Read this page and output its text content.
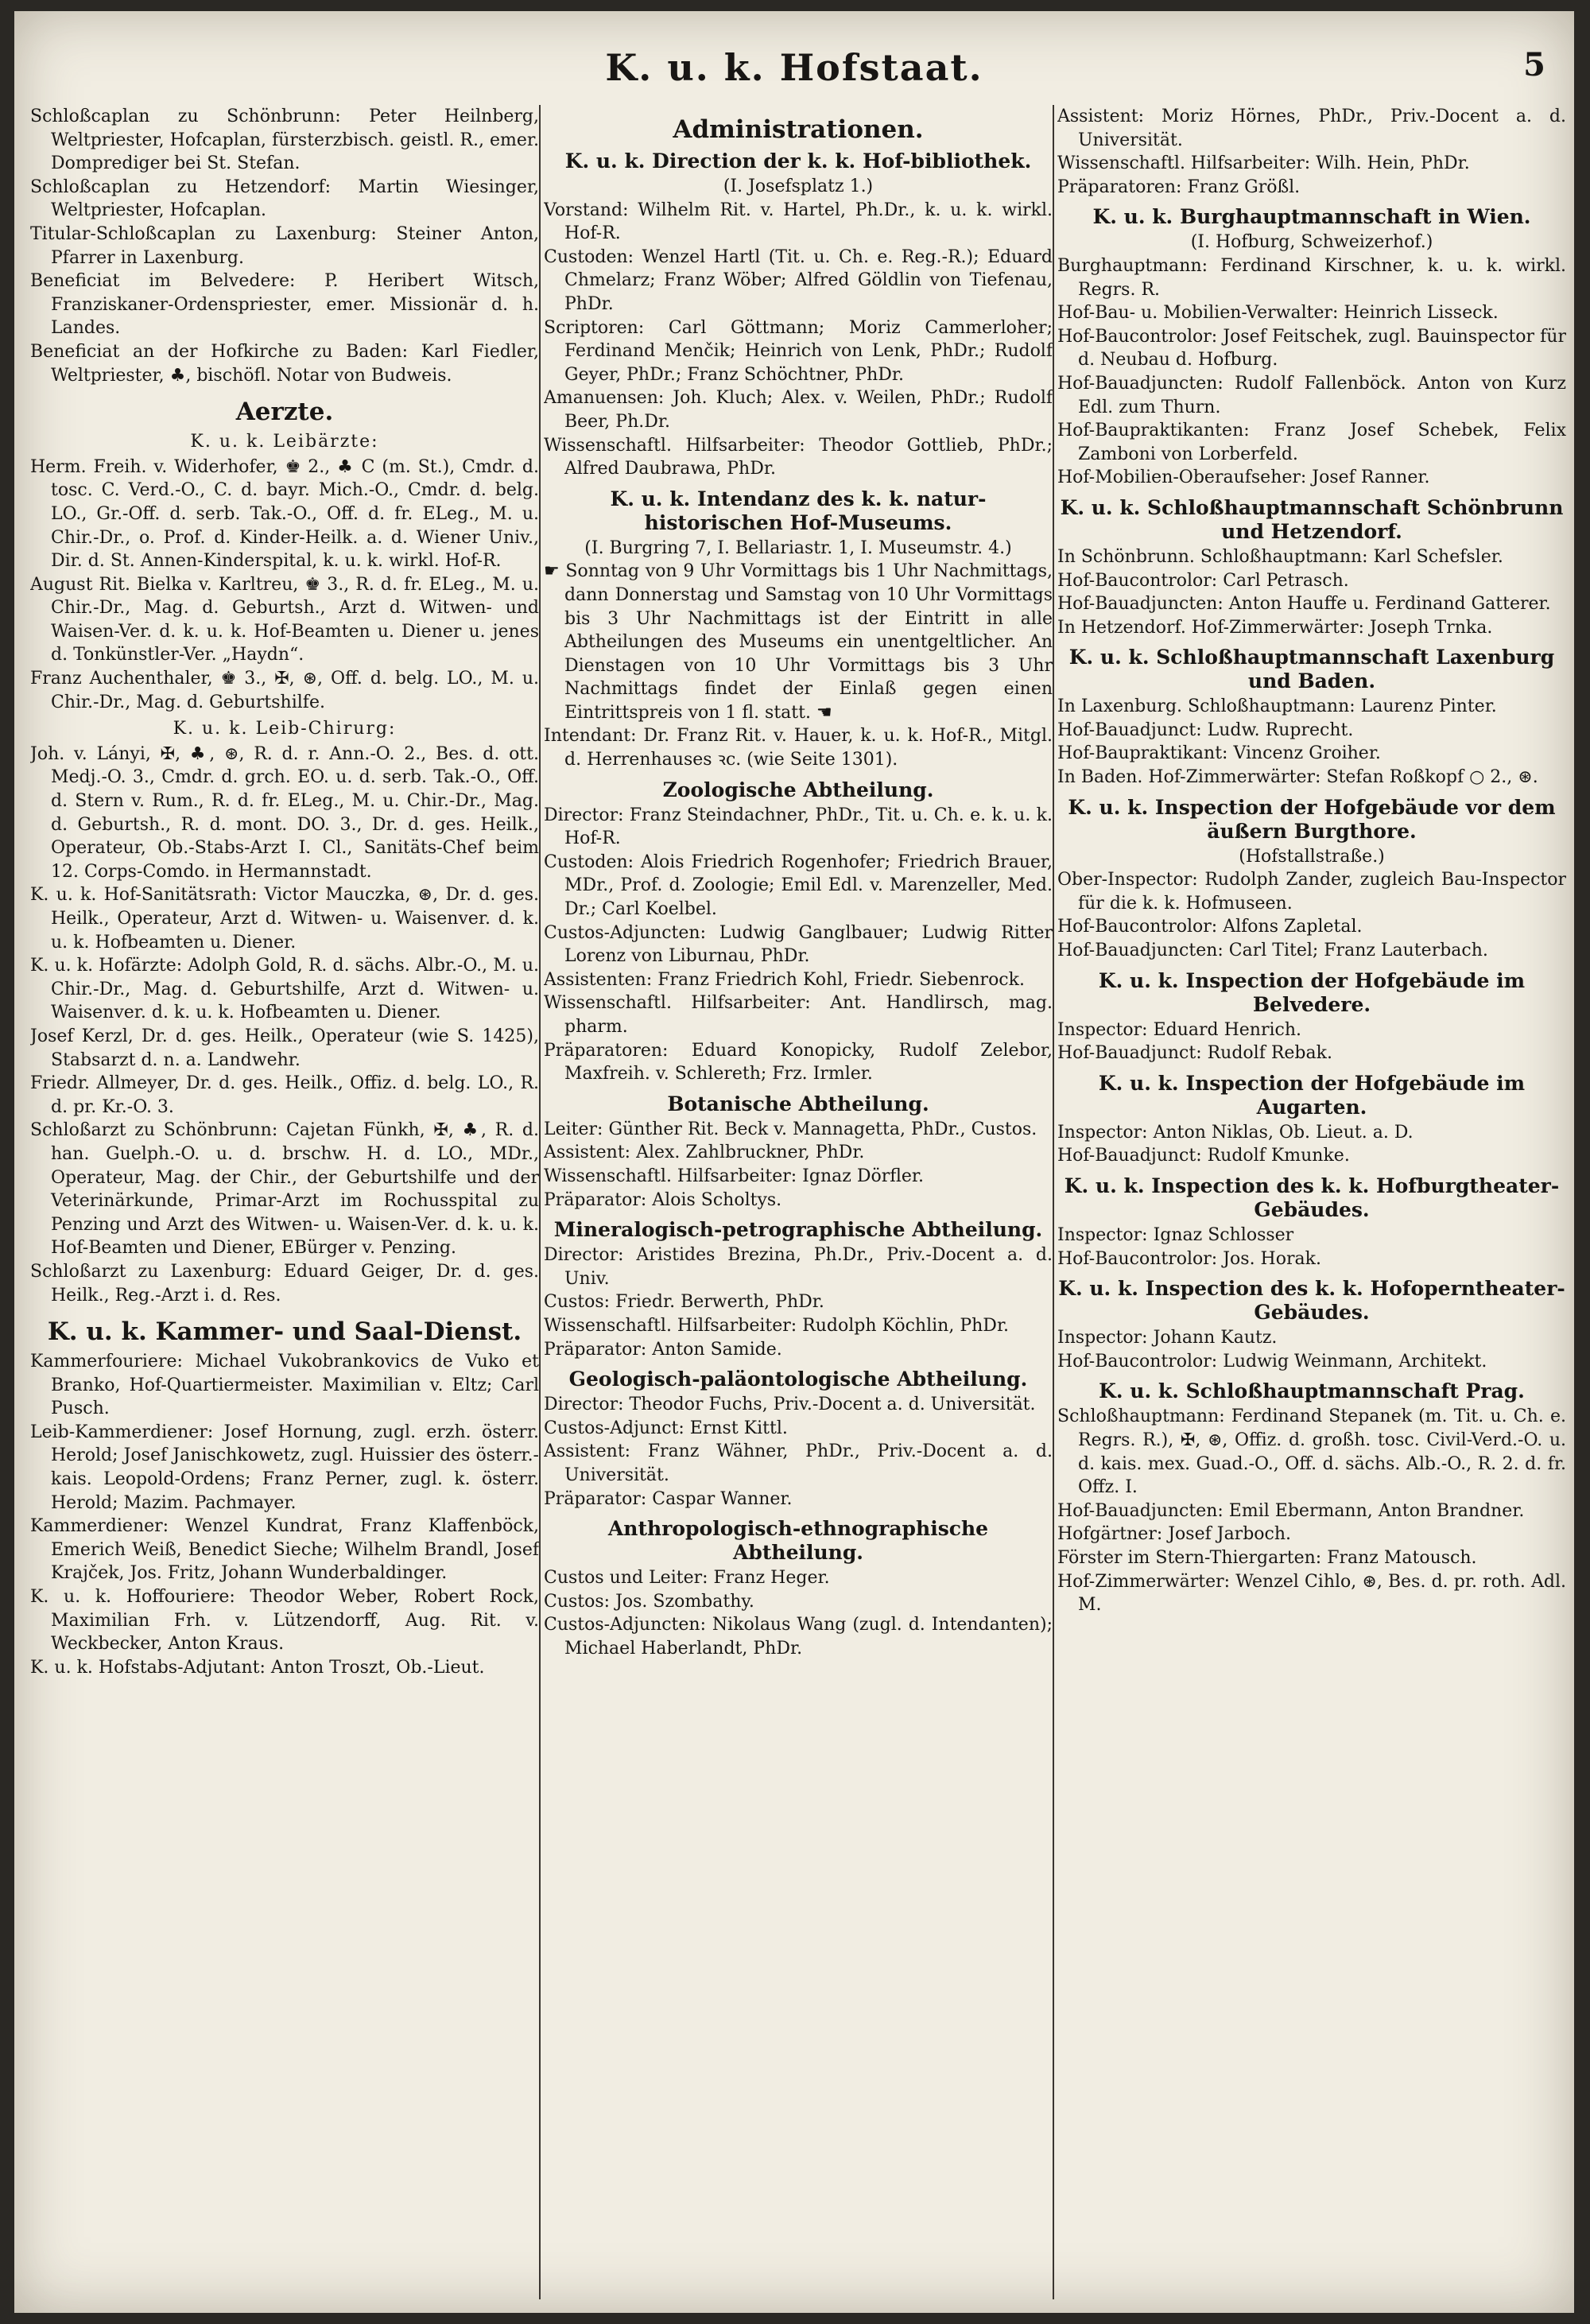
K. u. k. Hofstaat.	5

Schloßcaplan zu Schönbrunn: Peter Heilnberg, Weltpriester, Hofcaplan, fürsterzbisch. geistl. R., emer. Domprediger bei St. Stefan.

Schloßcaplan zu Hetzendorf: Martin Wiesinger, Weltpriester, Hofcaplan.

Titular-Schloßcaplan zu Laxenburg: Steiner Anton, Pfarrer in Laxenburg.

Beneficiat im Belvedere: P. Heribert Witsch, Franziskaner-Ordenspriester, emer. Missionär d. h. Landes.

Beneficiat an der Hofkirche zu Baden: Karl Fiedler, Weltpriester, ♣, bischöfl. Notar von Budweis.

Aerzte.

K. u. k. Leibärzte:

Herm. Freih. v. Widerhofer, ♚ 2., ♣ C (m. St.), Cmdr. d. tosc. C. Verd.-O., C. d. bayr. Mich.-O., Cmdr. d. belg. LO., Gr.-Off. d. serb. Tak.-O., Off. d. fr. ELeg., M. u. Chir.-Dr., o. Prof. d. Kinder-Heilk. a. d. Wiener Univ., Dir. d. St. Annen-Kinderspital, k. u. k. wirkl. Hof-R.

August Rit. Bielka v. Karltreu, ♚ 3., R. d. fr. ELeg., M. u. Chir.-Dr., Mag. d. Geburtsh., Arzt d. Witwen- und Waisen-Ver. d. k. u. k. Hof-Beamten u. Diener u. jenes d. Tonkünstler-Ver. „Haydn“.

Franz Auchenthaler, ♚ 3., ✠, ⊛, Off. d. belg. LO., M. u. Chir.-Dr., Mag. d. Geburtshilfe.

K. u. k. Leib-Chirurg:

Joh. v. Lányi, ✠, ♣, ⊛, R. d. r. Ann.-O. 2., Bes. d. ott. Medj.-O. 3., Cmdr. d. grch. EO. u. d. serb. Tak.-O., Off. d. Stern v. Rum., R. d. fr. ELeg., M. u. Chir.-Dr., Mag. d. Geburtsh., R. d. mont. DO. 3., Dr. d. ges. Heilk., Operateur, Ob.-Stabs-Arzt I. Cl., Sanitäts-Chef beim 12. Corps-Comdo. in Hermannstadt.

K. u. k. Hof-Sanitätsrath: Victor Mauczka, ⊛, Dr. d. ges. Heilk., Operateur, Arzt d. Witwen- u. Waisenver. d. k. u. k. Hofbeamten u. Diener.

K. u. k. Hofärzte: Adolph Gold, R. d. sächs. Albr.-O., M. u. Chir.-Dr., Mag. d. Geburtshilfe, Arzt d. Witwen- u. Waisenver. d. k. u. k. Hofbeamten u. Diener.

Josef Kerzl, Dr. d. ges. Heilk., Operateur (wie S. 1425), Stabsarzt d. n. a. Landwehr.

Friedr. Allmeyer, Dr. d. ges. Heilk., Offiz. d. belg. LO., R. d. pr. Kr.-O. 3.

Schloßarzt zu Schönbrunn: Cajetan Fünkh, ✠, ♣, R. d. han. Guelph.-O. u. d. brschw. H. d. LO., MDr., Operateur, Mag. der Chir., der Geburtshilfe und der Veterinärkunde, Primar-Arzt im Rochusspital zu Penzing und Arzt des Witwen- u. Waisen-Ver. d. k. u. k. Hof-Beamten und Diener, EBürger v. Penzing.

Schloßarzt zu Laxenburg: Eduard Geiger, Dr. d. ges. Heilk., Reg.-Arzt i. d. Res.

K. u. k. Kammer- und Saal-Dienst.

Kammerfouriere: Michael Vukobrankovics de Vuko et Branko, Hof-Quartiermeister. Maximilian v. Eltz; Carl Pusch.

Leib-Kammerdiener: Josef Hornung, zugl. erzh. österr. Herold; Josef Janischkowetz, zugl. Huissier des österr.-kais. Leopold-Ordens; Franz Perner, zugl. k. österr. Herold; Mazim. Pachmayer.

Kammerdiener: Wenzel Kundrat, Franz Klaffenböck, Emerich Weiß, Benedict Sieche; Wilhelm Brandl, Josef Krajček, Jos. Fritz, Johann Wunderbaldinger.

K. u. k. Hoffouriere: Theodor Weber, Robert Rock, Maximilian Frh. v. Lützendorff, Aug. Rit. v. Weckbecker, Anton Kraus.

K. u. k. Hofstabs-Adjutant: Anton Troszt, Ob.-Lieut.

Administrationen.

K. u. k. Direction der k. k. Hof-bibliothek.

(I. Josefsplatz 1.)

Vorstand: Wilhelm Rit. v. Hartel, Ph.Dr., k. u. k. wirkl. Hof-R.

Custoden: Wenzel Hartl (Tit. u. Ch. e. Reg.-R.); Eduard Chmelarz; Franz Wöber; Alfred Göldlin von Tiefenau, PhDr.

Scriptoren: Carl Göttmann; Moriz Cammerloher; Ferdinand Menčik; Heinrich von Lenk, PhDr.; Rudolf Geyer, PhDr.; Franz Schöchtner, PhDr.

Amanuensen: Joh. Kluch; Alex. v. Weilen, PhDr.; Rudolf Beer, Ph.Dr.

Wissenschaftl. Hilfsarbeiter: Theodor Gottlieb, PhDr.; Alfred Daubrawa, PhDr.

K. u. k. Intendanz des k. k. natur-historischen Hof-Museums.

(I. Burgring 7, I. Bellariastr. 1, I. Museumstr. 4.)

☛ Sonntag von 9 Uhr Vormittags bis 1 Uhr Nachmittags, dann Donnerstag und Samstag von 10 Uhr Vormittags bis 3 Uhr Nachmittags ist der Eintritt in alle Abtheilungen des Museums ein unentgeltlicher. An Dienstagen von 10 Uhr Vormittags bis 3 Uhr Nachmittags findet der Einlaß gegen einen Eintrittspreis von 1 fl. statt. ☚

Intendant: Dr. Franz Rit. v. Hauer, k. u. k. Hof-R., Mitgl. d. Herrenhauses ꝛc. (wie Seite 1301).

Zoologische Abtheilung.

Director: Franz Steindachner, PhDr., Tit. u. Ch. e. k. u. k. Hof-R.

Custoden: Alois Friedrich Rogenhofer; Friedrich Brauer, MDr., Prof. d. Zoologie; Emil Edl. v. Marenzeller, Med. Dr.; Carl Koelbel.

Custos-Adjuncten: Ludwig Ganglbauer; Ludwig Ritter Lorenz von Liburnau, PhDr.

Assistenten: Franz Friedrich Kohl, Friedr. Siebenrock.

Wissenschaftl. Hilfsarbeiter: Ant. Handlirsch, mag. pharm.

Präparatoren: Eduard Konopicky, Rudolf Zelebor, Maxfreih. v. Schlereth; Frz. Irmler.

Botanische Abtheilung.

Leiter: Günther Rit. Beck v. Mannagetta, PhDr., Custos.

Assistent: Alex. Zahlbruckner, PhDr.

Wissenschaftl. Hilfsarbeiter: Ignaz Dörfler.

Präparator: Alois Scholtys.

Mineralogisch-petrographische Abtheilung.

Director: Aristides Brezina, Ph.Dr., Priv.-Docent a. d. Univ.

Custos: Friedr. Berwerth, PhDr.

Wissenschaftl. Hilfsarbeiter: Rudolph Köchlin, PhDr.

Präparator: Anton Samide.

Geologisch-paläontologische Abtheilung.

Director: Theodor Fuchs, Priv.-Docent a. d. Universität.

Custos-Adjunct: Ernst Kittl.

Assistent: Franz Wähner, PhDr., Priv.-Docent a. d. Universität.

Präparator: Caspar Wanner.

Anthropologisch-ethnographische Abtheilung.

Custos und Leiter: Franz Heger.

Custos: Jos. Szombathy.

Custos-Adjuncten: Nikolaus Wang (zugl. d. Intendanten); Michael Haberlandt, PhDr.

Assistent: Moriz Hörnes, PhDr., Priv.-Docent a. d. Universität.

Wissenschaftl. Hilfsarbeiter: Wilh. Hein, PhDr.

Präparatoren: Franz Größl.

K. u. k. Burghauptmannschaft in Wien.

(I. Hofburg, Schweizerhof.)

Burghauptmann: Ferdinand Kirschner, k. u. k. wirkl. Regrs. R.

Hof-Bau- u. Mobilien-Verwalter: Heinrich Lisseck.

Hof-Baucontrolor: Josef Feitschek, zugl. Bauinspector für d. Neubau d. Hofburg.

Hof-Bauadjuncten: Rudolf Fallenböck. Anton von Kurz Edl. zum Thurn.

Hof-Baupraktikanten: Franz Josef Schebek, Felix Zamboni von Lorberfeld.

Hof-Mobilien-Oberaufseher: Josef Ranner.

K. u. k. Schloßhauptmannschaft Schönbrunn und Hetzendorf.

In Schönbrunn. Schloßhauptmann: Karl Schefsler.

Hof-Baucontrolor: Carl Petrasch.

Hof-Bauadjuncten: Anton Hauffe u. Ferdinand Gatterer.

In Hetzendorf. Hof-Zimmerwärter: Joseph Trnka.

K. u. k. Schloßhauptmannschaft Laxenburg und Baden.

In Laxenburg. Schloßhauptmann: Laurenz Pinter.

Hof-Bauadjunct: Ludw. Ruprecht.

Hof-Baupraktikant: Vincenz Groiher.

In Baden. Hof-Zimmerwärter: Stefan Roßkopf ○ 2., ⊛.

K. u. k. Inspection der Hofgebäude vor dem äußern Burgthore.

(Hofstallstraße.)

Ober-Inspector: Rudolph Zander, zugleich Bau-Inspector für die k. k. Hofmuseen.

Hof-Baucontrolor: Alfons Zapletal.

Hof-Bauadjuncten: Carl Titel; Franz Lauterbach.

K. u. k. Inspection der Hofgebäude im Belvedere.

Inspector: Eduard Henrich.

Hof-Bauadjunct: Rudolf Rebak.

K. u. k. Inspection der Hofgebäude im Augarten.

Inspector: Anton Niklas, Ob. Lieut. a. D.

Hof-Bauadjunct: Rudolf Kmunke.

K. u. k. Inspection des k. k. Hofburgtheater-Gebäudes.

Inspector: Ignaz Schlosser

Hof-Baucontrolor: Jos. Horak.

K. u. k. Inspection des k. k. Hofoperntheater-Gebäudes.

Inspector: Johann Kautz.

Hof-Baucontrolor: Ludwig Weinmann, Architekt.

K. u. k. Schloßhauptmannschaft Prag.

Schloßhauptmann: Ferdinand Stepanek (m. Tit. u. Ch. e. Regrs. R.), ✠, ⊛, Offiz. d. großh. tosc. Civil-Verd.-O. u. d. kais. mex. Guad.-O., Off. d. sächs. Alb.-O., R. 2. d. fr. Offz. I.

Hof-Bauadjuncten: Emil Ebermann, Anton Brandner.

Hofgärtner: Josef Jarboch.

Förster im Stern-Thiergarten: Franz Matousch.

Hof-Zimmerwärter: Wenzel Cihlo, ⊛, Bes. d. pr. roth. Adl. M.
